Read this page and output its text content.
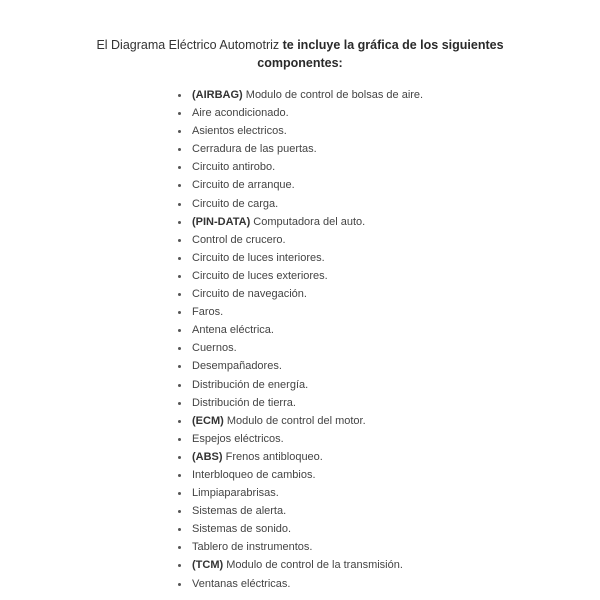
El Diagrama Eléctrico Automotriz te incluye la gráfica de los siguientes
componentes:
(AIRBAG) Modulo de control de bolsas de aire.
Aire acondicionado.
Asientos electricos.
Cerradura de las puertas.
Circuito antirobo.
Circuito de arranque.
Circuito de carga.
(PIN-DATA) Computadora del auto.
Control de crucero.
Circuito de luces interiores.
Circuito de luces exteriores.
Circuito de navegación.
Faros.
Antena eléctrica.
Cuernos.
Desempañadores.
Distribución de energía.
Distribución de tierra.
(ECM) Modulo de control del motor.
Espejos eléctricos.
(ABS) Frenos antibloqueo.
Interbloqueo de cambios.
Limpiaparabrisas.
Sistemas de alerta.
Sistemas de sonido.
Tablero de instrumentos.
(TCM) Modulo de control de la transmisión.
Ventanas eléctricas.
